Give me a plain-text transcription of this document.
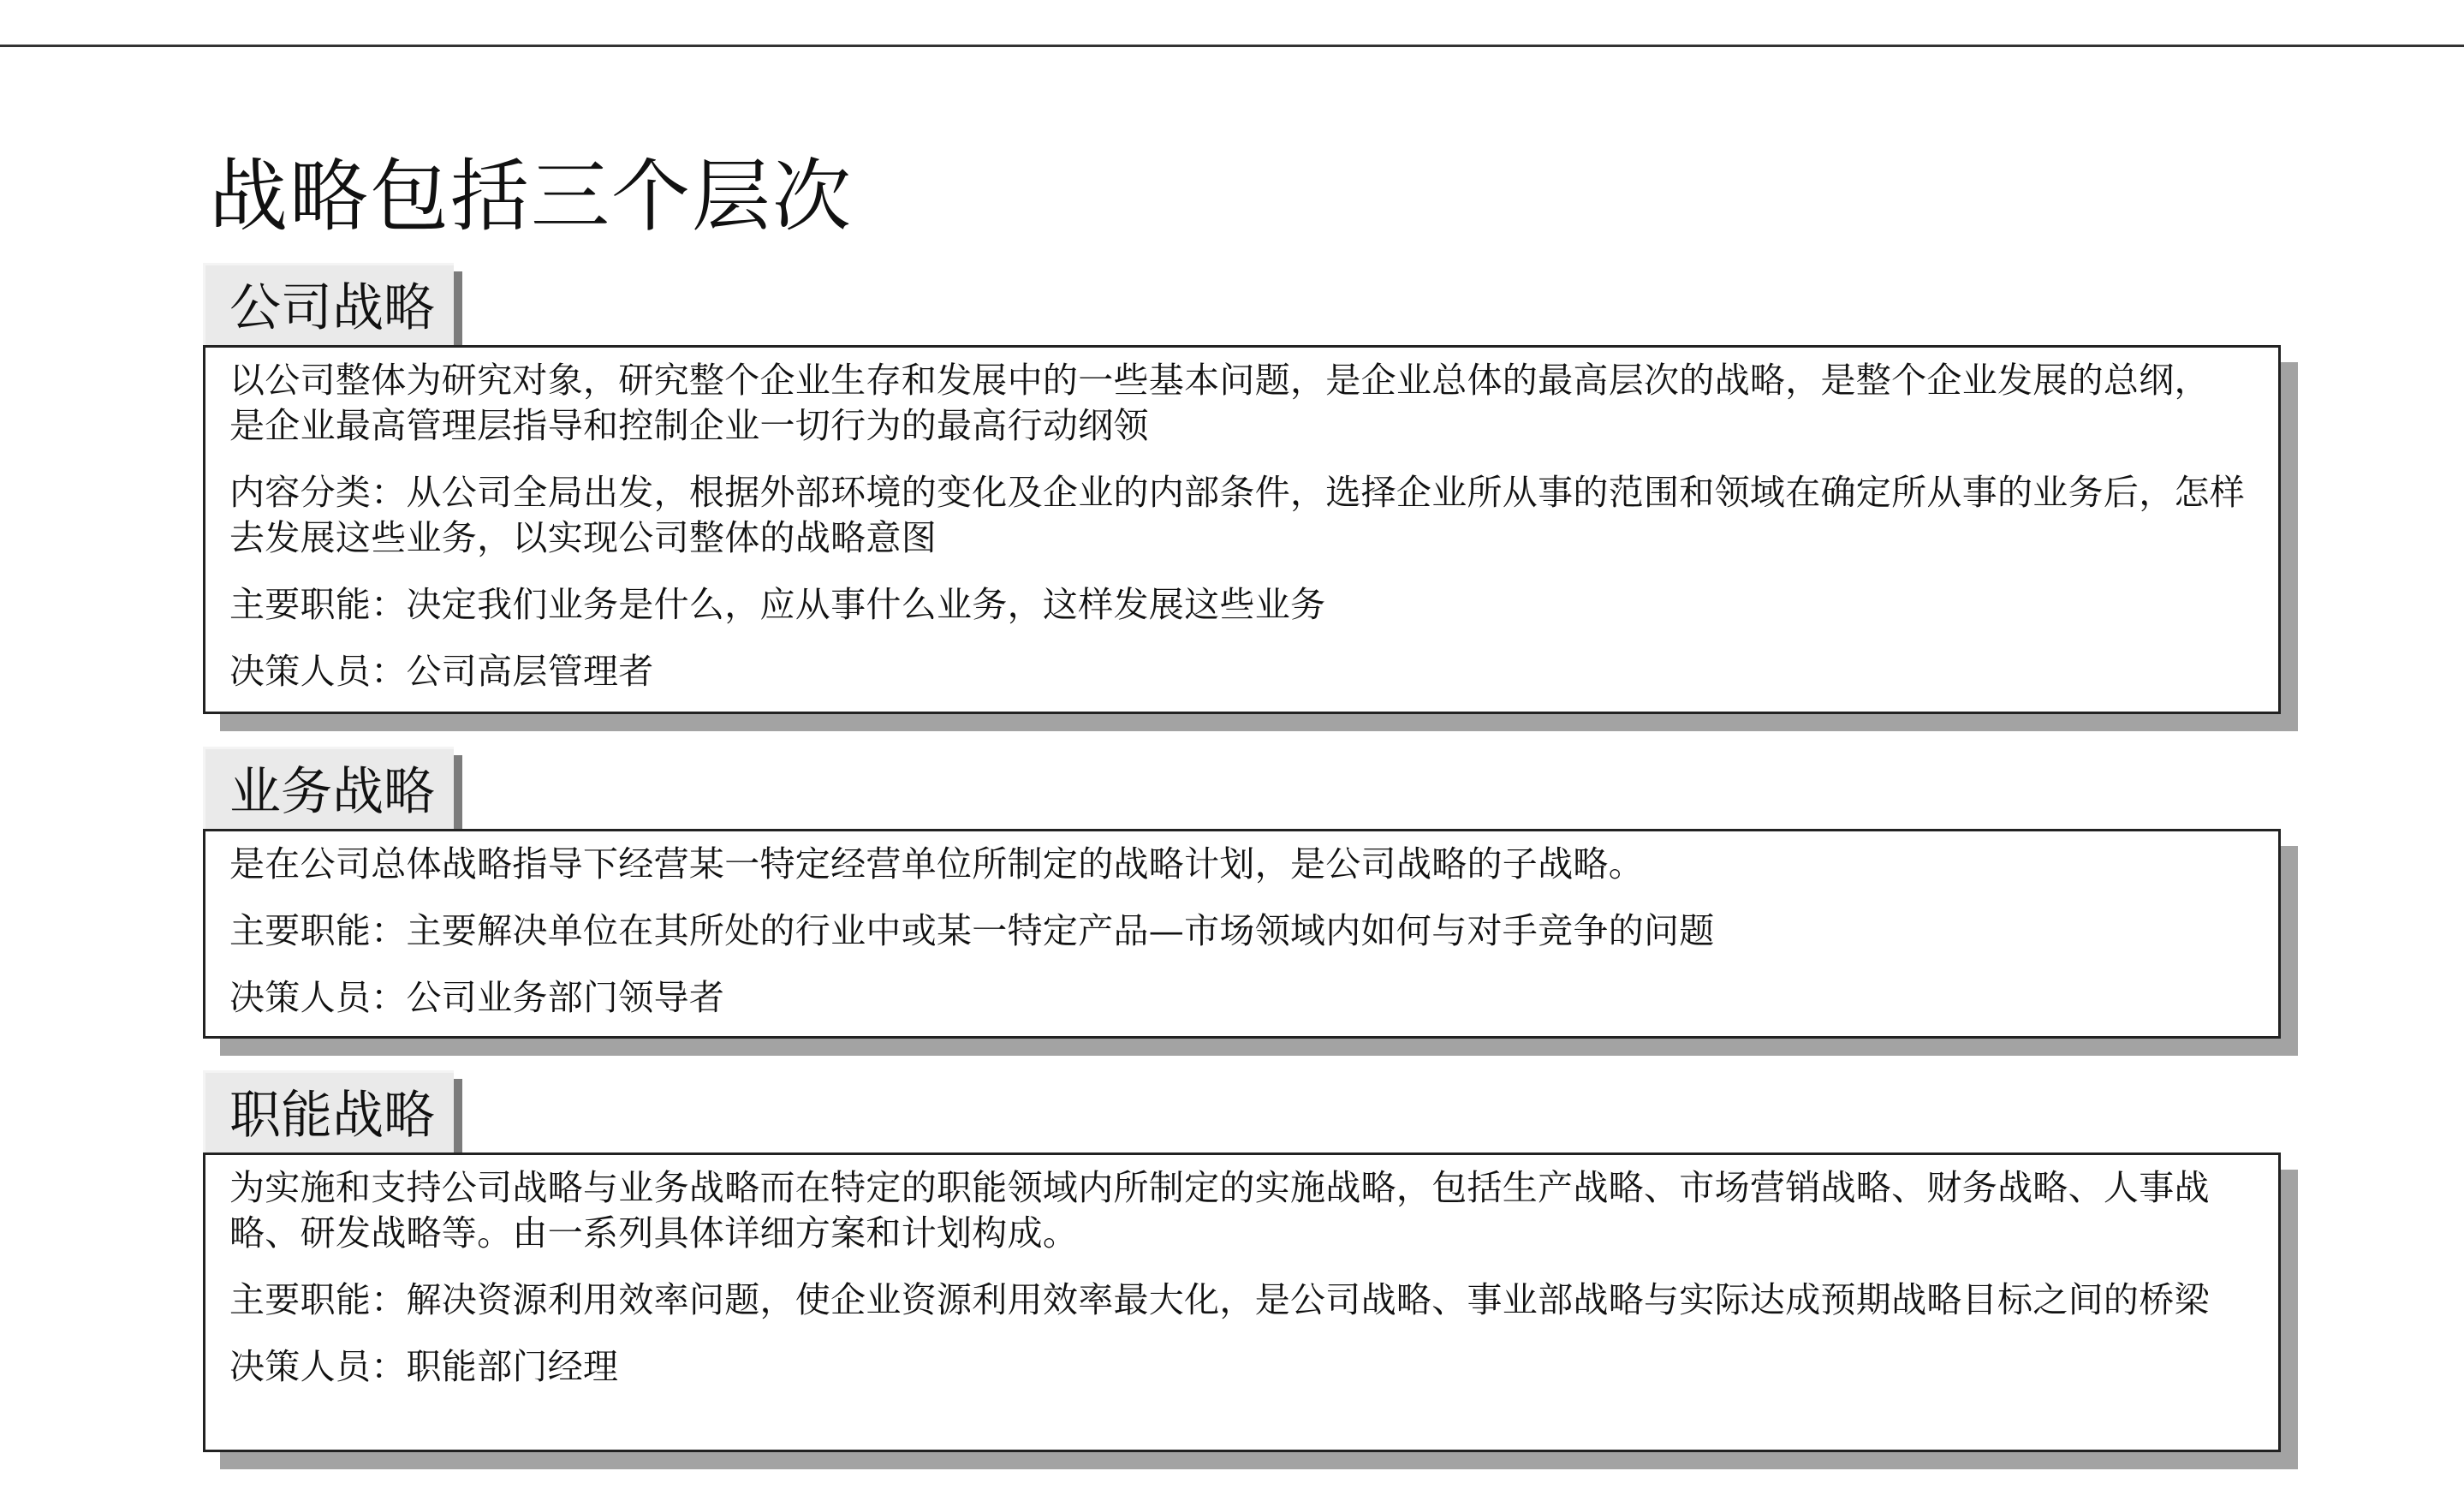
战略包括三个层次
公司战略

以公司整体为研究对象，研究整个企业生存和发展中的一些基本问题，是企业总体的最高层次的战略，是整个企业发展的总纲，　是企业最高管理层指导和控制企业一切行为的最高行动纲领

内容分类：从公司全局出发，根据外部环境的变化及企业的内部条件，选择企业所从事的范围和领域在确定所从事的业务后，怎样去发展这些业务，以实现公司整体的战略意图

主要职能：决定我们业务是什么，应从事什么业务，这样发展这些业务

决策人员：公司高层管理者

业务战略

是在公司总体战略指导下经营某一特定经营单位所制定的战略计划，是公司战略的子战略。

主要职能：主要解决单位在其所处的行业中或某一特定产品—市场领域内如何与对手竞争的问题

决策人员：公司业务部门领导者

职能战略

为实施和支持公司战略与业务战略而在特定的职能领域内所制定的实施战略，包括生产战略、市场营销战略、财务战略、人事战略、研发战略等。由一系列具体详细方案和计划构成。

主要职能：解决资源利用效率问题，使企业资源利用效率最大化，是公司战略、事业部战略与实际达成预期战略目标之间的桥梁

决策人员：职能部门经理
